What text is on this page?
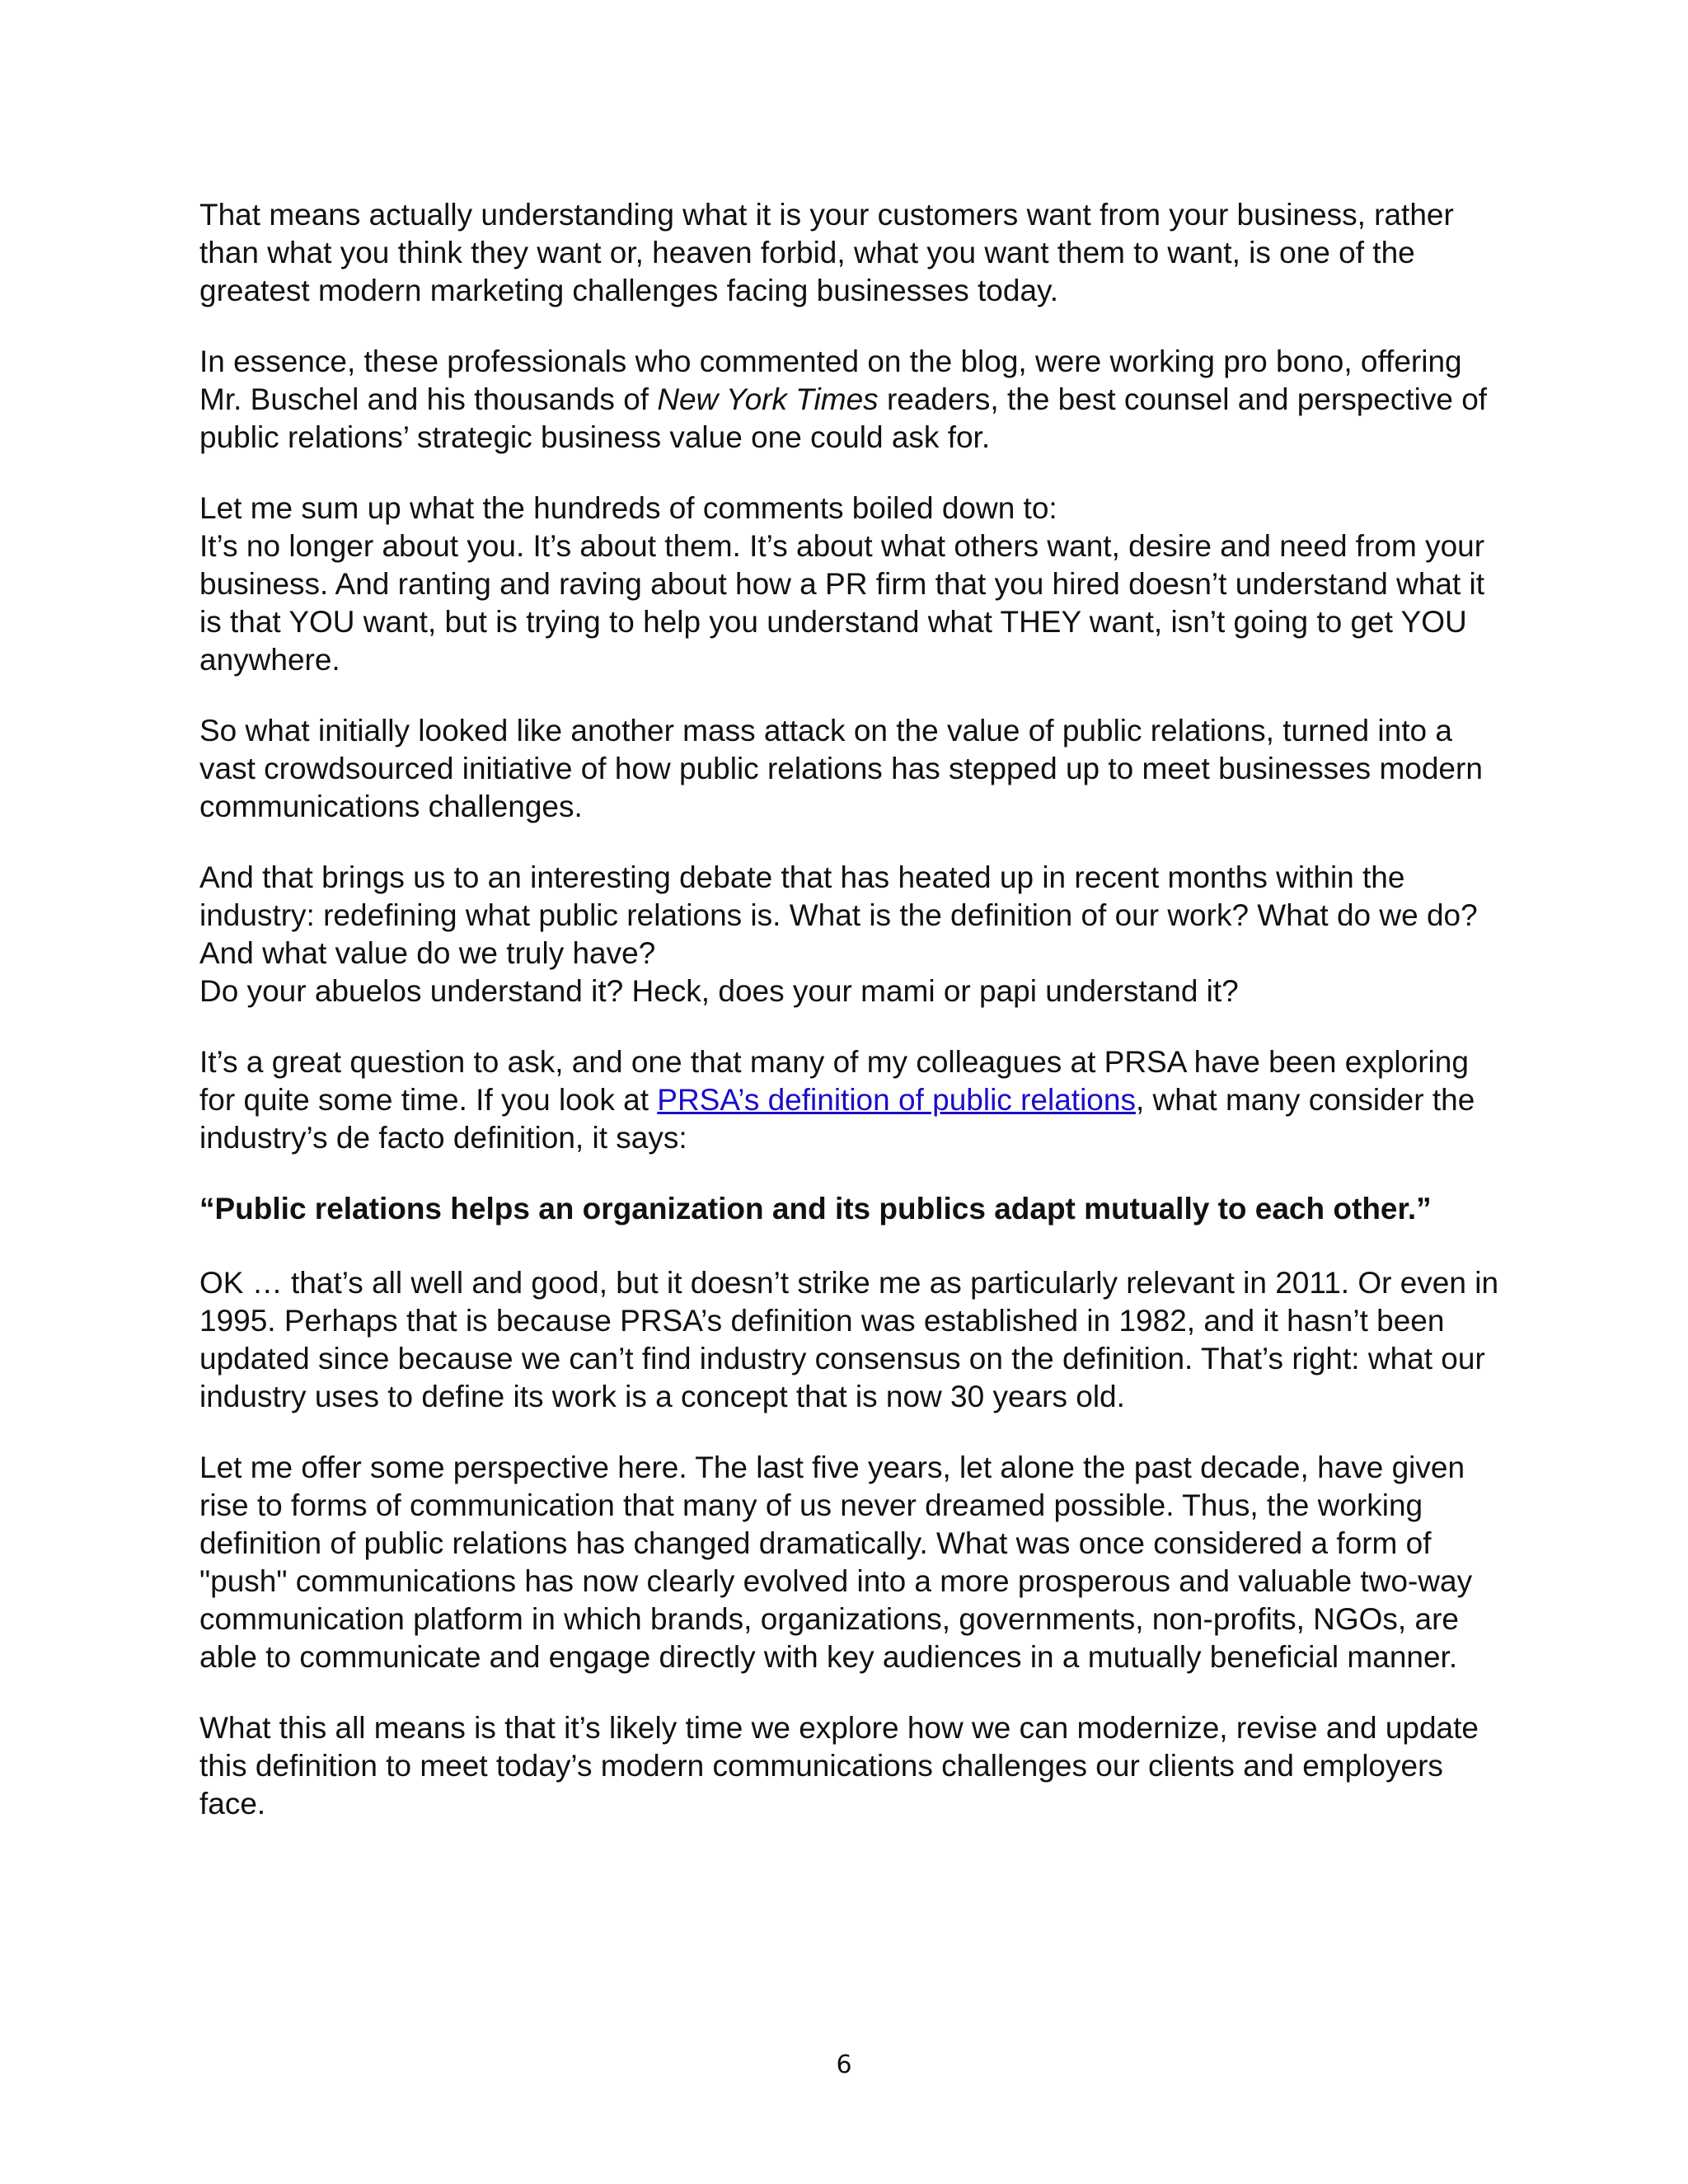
That means actually understanding what it is your customers want from your business, rather than what you think they want or, heaven forbid, what you want them to want, is one of the greatest modern marketing challenges facing businesses today.

In essence, these professionals who commented on the blog, were working pro bono, offering Mr. Buschel and his thousands of New York Times readers, the best counsel and perspective of public relations’ strategic business value one could ask for.

Let me sum up what the hundreds of comments boiled down to:
It’s no longer about you. It’s about them. It’s about what others want, desire and need from your business. And ranting and raving about how a PR firm that you hired doesn’t understand what it is that YOU want, but is trying to help you understand what THEY want, isn’t going to get YOU anywhere.

So what initially looked like another mass attack on the value of public relations, turned into a vast crowdsourced initiative of how public relations has stepped up to meet businesses modern communications challenges.

And that brings us to an interesting debate that has heated up in recent months within the industry: redefining what public relations is. What is the definition of our work? What do we do? And what value do we truly have?
Do your abuelos understand it? Heck, does your mami or papi understand it?

It’s a great question to ask, and one that many of my colleagues at PRSA have been exploring for quite some time. If you look at PRSA’s definition of public relations, what many consider the industry’s de facto definition, it says:

“Public relations helps an organization and its publics adapt mutually to each other.”

OK … that’s all well and good, but it doesn’t strike me as particularly relevant in 2011. Or even in 1995. Perhaps that is because PRSA’s definition was established in 1982, and it hasn’t been updated since because we can’t find industry consensus on the definition. That’s right: what our industry uses to define its work is a concept that is now 30 years old.

Let me offer some perspective here. The last five years, let alone the past decade, have given rise to forms of communication that many of us never dreamed possible. Thus, the working definition of public relations has changed dramatically. What was once considered a form of "push" communications has now clearly evolved into a more prosperous and valuable two-way communication platform in which brands, organizations, governments, non-profits, NGOs, are able to communicate and engage directly with key audiences in a mutually beneficial manner.

What this all means is that it’s likely time we explore how we can modernize, revise and update this definition to meet today’s modern communications challenges our clients and employers face.

6
